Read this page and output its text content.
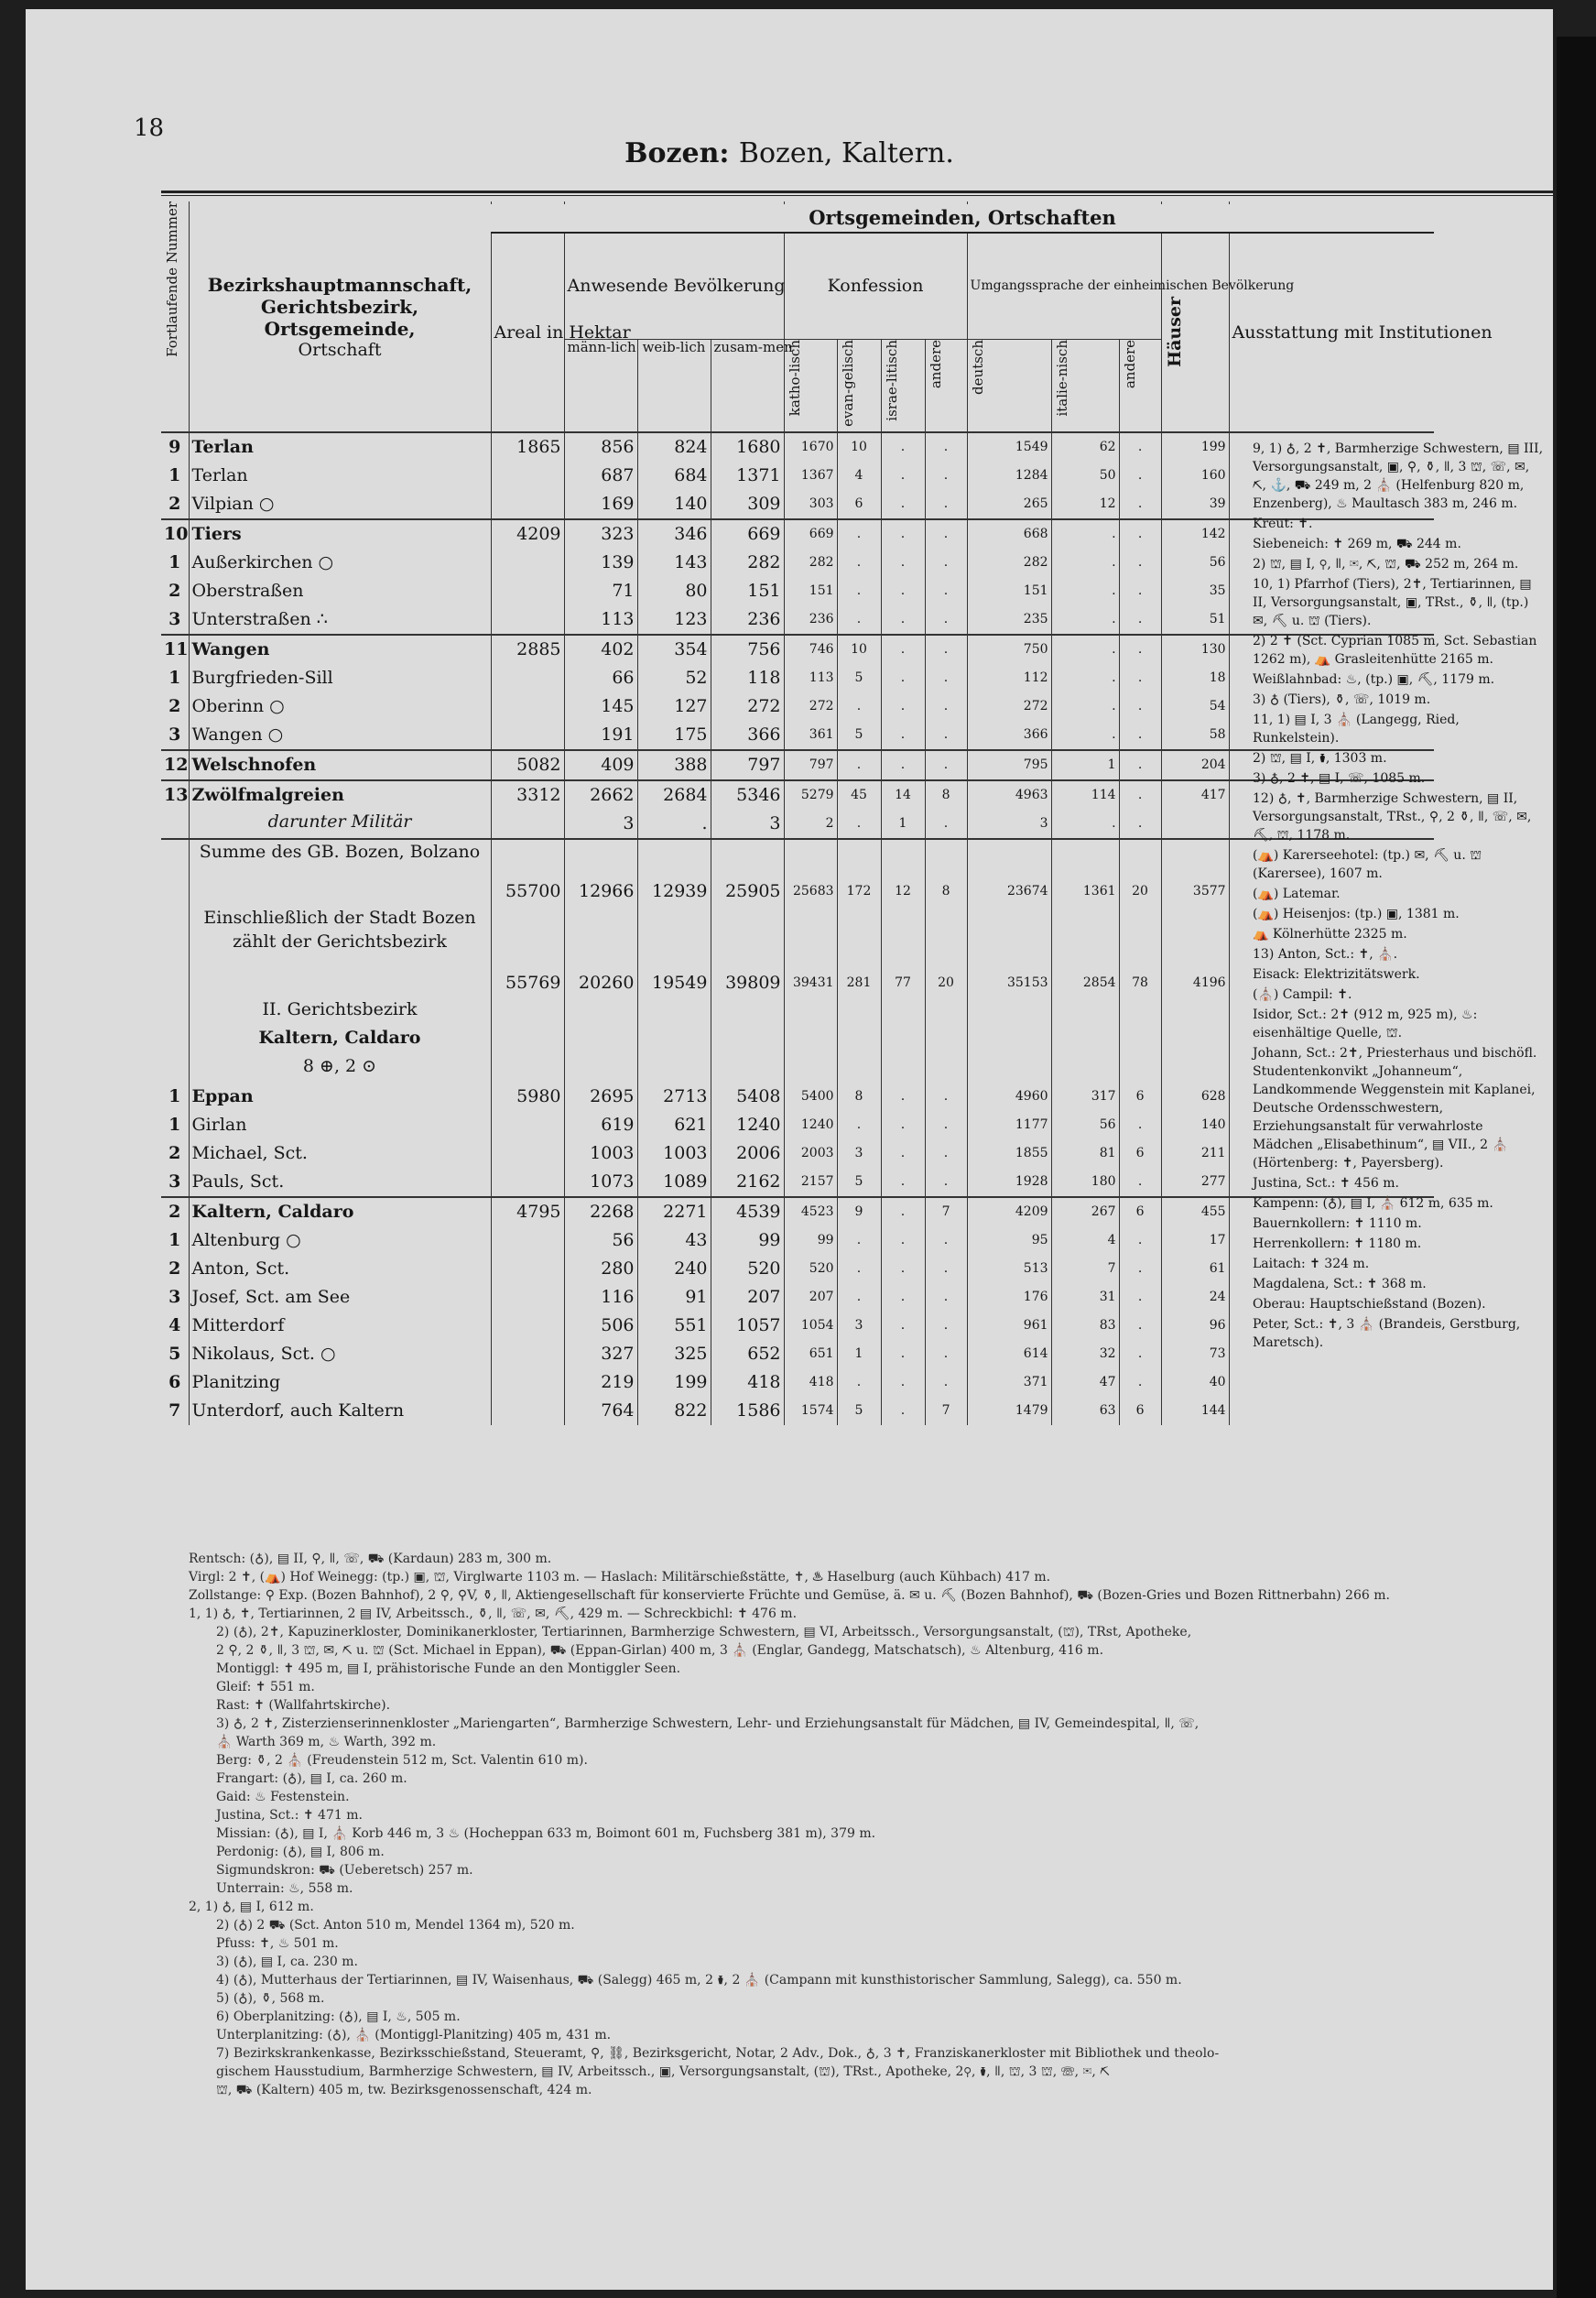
18
Bozen: Bozen, Kaltern.
Fortlaufende Nummer	Bezirkshauptmannschaft,
Gerichtsbezirk,
Ortsgemeinde,
Ortschaft	Areal in Hektar	Anwesende Bevölkerung			Konfession				Umgangssprache der einheimischen Bevölkerung			Häuser	Ausstattung mit Institutionen
			männ-lich	weib-lich	zusam-men	katho-lisch	evan-gelisch	israe-litisch	andere	deutsch	italie-nisch	andere		

9	Terlan	1865	856	824	1680	1670	10	.	.	1549	62	.	199	
1	Terlan		687	684	1371	1367	4	.	.	1284	50	.	160	
2	Vilpian ○		169	140	309	303	6	.	.	265	12	.	39	
10	Tiers	4209	323	346	669	669	.	.	.	668	.	.	142	
1	Außerkirchen ○		139	143	282	282	.	.	.	282	.	.	56	
2	Oberstraßen		71	80	151	151	.	.	.	151	.	.	35	
3	Unterstraßen ∴		113	123	236	236	.	.	.	235	.	.	51	
11	Wangen	2885	402	354	756	746	10	.	.	750	.	.	130	
1	Burgfrieden-Sill		66	52	118	113	5	.	.	112	.	.	18	
2	Oberinn ○		145	127	272	272	.	.	.	272	.	.	54	
3	Wangen ○		191	175	366	361	5	.	.	366	.	.	58	
12	Welschnofen	5082	409	388	797	797	.	.	.	795	1	.	204	
13	Zwölfmalgreien	3312	2662	2684	5346	5279	45	14	8	4963	114	.	417	
	darunter Militär		3	.	3	2	.	1	.	3	.	.		
	Summe des GB. Bozen, Bolzano	55700	12966	12939	25905	25683	172	12	8	23674	1361	20	3577	
	Einschließlich der Stadt Bozen zählt der Gerichtsbezirk	55769	20260	19549	39809	39431	281	77	20	35153	2854	78	4196	
	II. Gerichtsbezirk													
	Kaltern, Caldaro													
	8 ⊕, 2 ⊙													
1	Eppan	5980	2695	2713	5408	5400	8	.	.	4960	317	6	628	
1	Girlan		619	621	1240	1240	.	.	.	1177	56	.	140	
2	Michael, Sct.		1003	1003	2006	2003	3	.	.	1855	81	6	211	
3	Pauls, Sct.		1073	1089	2162	2157	5	.	.	1928	180	.	277	
2	Kaltern, Caldaro	4795	2268	2271	4539	4523	9	.	7	4209	267	6	455	
1	Altenburg ○		56	43	99	99	.	.	.	95	4	.	17	
2	Anton, Sct.		280	240	520	520	.	.	.	513	7	.	61	
3	Josef, Sct. am See		116	91	207	207	.	.	.	176	31	.	24	
4	Mitterdorf		506	551	1057	1054	3	.	.	961	83	.	96	
5	Nikolaus, Sct. ○		327	325	652	651	1	.	.	614	32	.	73	
6	Planitzing		219	199	418	418	.	.	.	371	47	.	40	
7	Unterdorf, auch Kaltern		764	822	1586	1574	5	.	7	1479	63	6	144	

9, 1) ♁, 2 ✝, Barmherzige Schwestern, ▤ III, Versorgungsanstalt, ▣, ⚲, ⚱, ǁ, 3 ⛫, ☏, ✉, ⛏, ⚓, ⛟ 249 m, 2 ⛪ (Helfenburg 820 m, Enzenberg), ♨ Maultasch 383 m, 246 m.

Kreut: ✝.

Siebeneich: ✝ 269 m, ⛟ 244 m.

2) ⛫, ▤ I, ⚲, ǁ, ✉, ⛏, ⛫, ⛟ 252 m, 264 m.

10, 1) Pfarrhof (Tiers), 2✝, Tertiarinnen, ▤ II, Versorgungsanstalt, ▣, TRst., ⚱, ǁ, (tp.) ✉, ⛏ u. ⛫ (Tiers).

2) 2 ✝ (Sct. Cyprian 1085 m, Sct. Sebastian 1262 m), ⛺ Grasleitenhütte 2165 m.

Weißlahnbad: ♨, (tp.) ▣, ⛏, 1179 m.

3) ♁ (Tiers), ⚱, ☏, 1019 m.

11, 1) ▤ I, 3 ⛪ (Langegg, Ried, Runkelstein).

2) ⛫, ▤ I, ⚱, 1303 m.

3) ♁, 2 ✝, ▤ I, ☏, 1085 m.

12) ♁, ✝, Barmherzige Schwestern, ▤ II, Versorgungsanstalt, TRst., ⚲, 2 ⚱, ǁ, ☏, ✉, ⛏, ⛫, 1178 m.

(⛺) Karerseehotel: (tp.) ✉, ⛏ u. ⛫ (Karersee), 1607 m.

(⛺) Latemar.

(⛺) Heisenjos: (tp.) ▣, 1381 m.

⛺ Kölnerhütte 2325 m.

13) Anton, Sct.: ✝, ⛪.

Eisack: Elektrizitätswerk.

(⛪) Campil: ✝.

Isidor, Sct.: 2✝ (912 m, 925 m), ♨: eisenhältige Quelle, ⛫.

Johann, Sct.: 2✝, Priesterhaus und bischöfl. Studentenkonvikt „Johanneum“, Landkommende Weggenstein mit Kaplanei, Deutsche Ordensschwestern, Erziehungsanstalt für verwahrloste Mädchen „Elisabethinum“, ▤ VII., 2 ⛪ (Hörtenberg: ✝, Payersberg).

Justina, Sct.: ✝ 456 m.

Kampenn: (♁), ▤ I, ⛪ 612 m, 635 m.

Bauernkollern: ✝ 1110 m.

Herrenkollern: ✝ 1180 m.

Laitach: ✝ 324 m.

Magdalena, Sct.: ✝ 368 m.

Oberau: Hauptschießstand (Bozen).

Peter, Sct.: ✝, 3 ⛪ (Brandeis, Gerstburg, Maretsch).

Rentsch: (♁), ▤ II, ⚲, ǁ, ☏, ⛟ (Kardaun) 283 m, 300 m.

Virgl: 2 ✝, (⛺) Hof Weinegg: (tp.) ▣, ⛫, Virglwarte 1103 m. — Haslach: Militärschießstätte, ✝, ♨ Haselburg (auch Kühbach) 417 m.

Zollstange: ⚲ Exp. (Bozen Bahnhof), 2 ⚲, ⚲V, ⚱, ǁ, Aktiengesellschaft für konservierte Früchte und Gemüse, ä. ✉ u. ⛏ (Bozen Bahnhof), ⛟ (Bozen-Gries und Bozen Rittnerbahn) 266 m.

1, 1) ♁, ✝, Tertiarinnen, 2 ▤ IV, Arbeitssch., ⚱, ǁ, ☏, ✉, ⛏, 429 m. — Schreckbichl: ✝ 476 m.

2) (♁), 2✝, Kapuzinerkloster, Dominikanerkloster, Tertiarinnen, Barmherzige Schwestern, ▤ VI, Arbeitssch., Versorgungsanstalt, (⛫), TRst, Apotheke,

2 ⚲, 2 ⚱, ǁ, 3 ⛫, ✉, ⛏ u. ⛫ (Sct. Michael in Eppan), ⛟ (Eppan-Girlan) 400 m, 3 ⛪ (Englar, Gandegg, Matschatsch), ♨ Altenburg, 416 m.

Montiggl: ✝ 495 m, ▤ I, prähistorische Funde an den Montiggler Seen.

Gleif: ✝ 551 m.

Rast: ✝ (Wallfahrtskirche).

3) ♁, 2 ✝, Zisterzienserinnenkloster „Mariengarten“, Barmherzige Schwestern, Lehr- und Erziehungsanstalt für Mädchen, ▤ IV, Gemeindespital, ǁ, ☏,

⛪ Warth 369 m, ♨ Warth, 392 m.

Berg: ⚱, 2 ⛪ (Freudenstein 512 m, Sct. Valentin 610 m).

Frangart: (♁), ▤ I, ca. 260 m.

Gaid: ♨ Festenstein.

Justina, Sct.: ✝ 471 m.

Missian: (♁), ▤ I, ⛪ Korb 446 m, 3 ♨ (Hocheppan 633 m, Boimont 601 m, Fuchsberg 381 m), 379 m.

Perdonig: (♁), ▤ I, 806 m.

Sigmundskron: ⛟ (Ueberetsch) 257 m.

Unterrain: ♨, 558 m.

2, 1) ♁, ▤ I, 612 m.

2) (♁) 2 ⛟ (Sct. Anton 510 m, Mendel 1364 m), 520 m.

Pfuss: ✝, ♨ 501 m.

3) (♁), ▤ I, ca. 230 m.

4) (♁), Mutterhaus der Tertiarinnen, ▤ IV, Waisenhaus, ⛟ (Salegg) 465 m, 2 ⚱, 2 ⛪ (Campann mit kunsthistorischer Sammlung, Salegg), ca. 550 m.

5) (♁), ⚱, 568 m.

6) Oberplanitzing: (♁), ▤ I, ♨, 505 m.

Unterplanitzing: (♁), ⛪ (Montiggl-Planitzing) 405 m, 431 m.

7) Bezirkskrankenkasse, Bezirksschießstand, Steueramt, ⚲, ⛓, Bezirksgericht, Notar, 2 Adv., Dok., ♁, 3 ✝, Franziskanerkloster mit Bibliothek und theolo-

gischem Hausstudium, Barmherzige Schwestern, ▤ IV, Arbeitssch., ▣, Versorgungsanstalt, (⛫), TRst., Apotheke, 2⚲, ⚱, ǁ, ⛫, 3 ⛫, ☏, ✉, ⛏

⛫, ⛟ (Kaltern) 405 m, tw. Bezirksgenossenschaft, 424 m.

Ortsgemeinden, Ortschaften
